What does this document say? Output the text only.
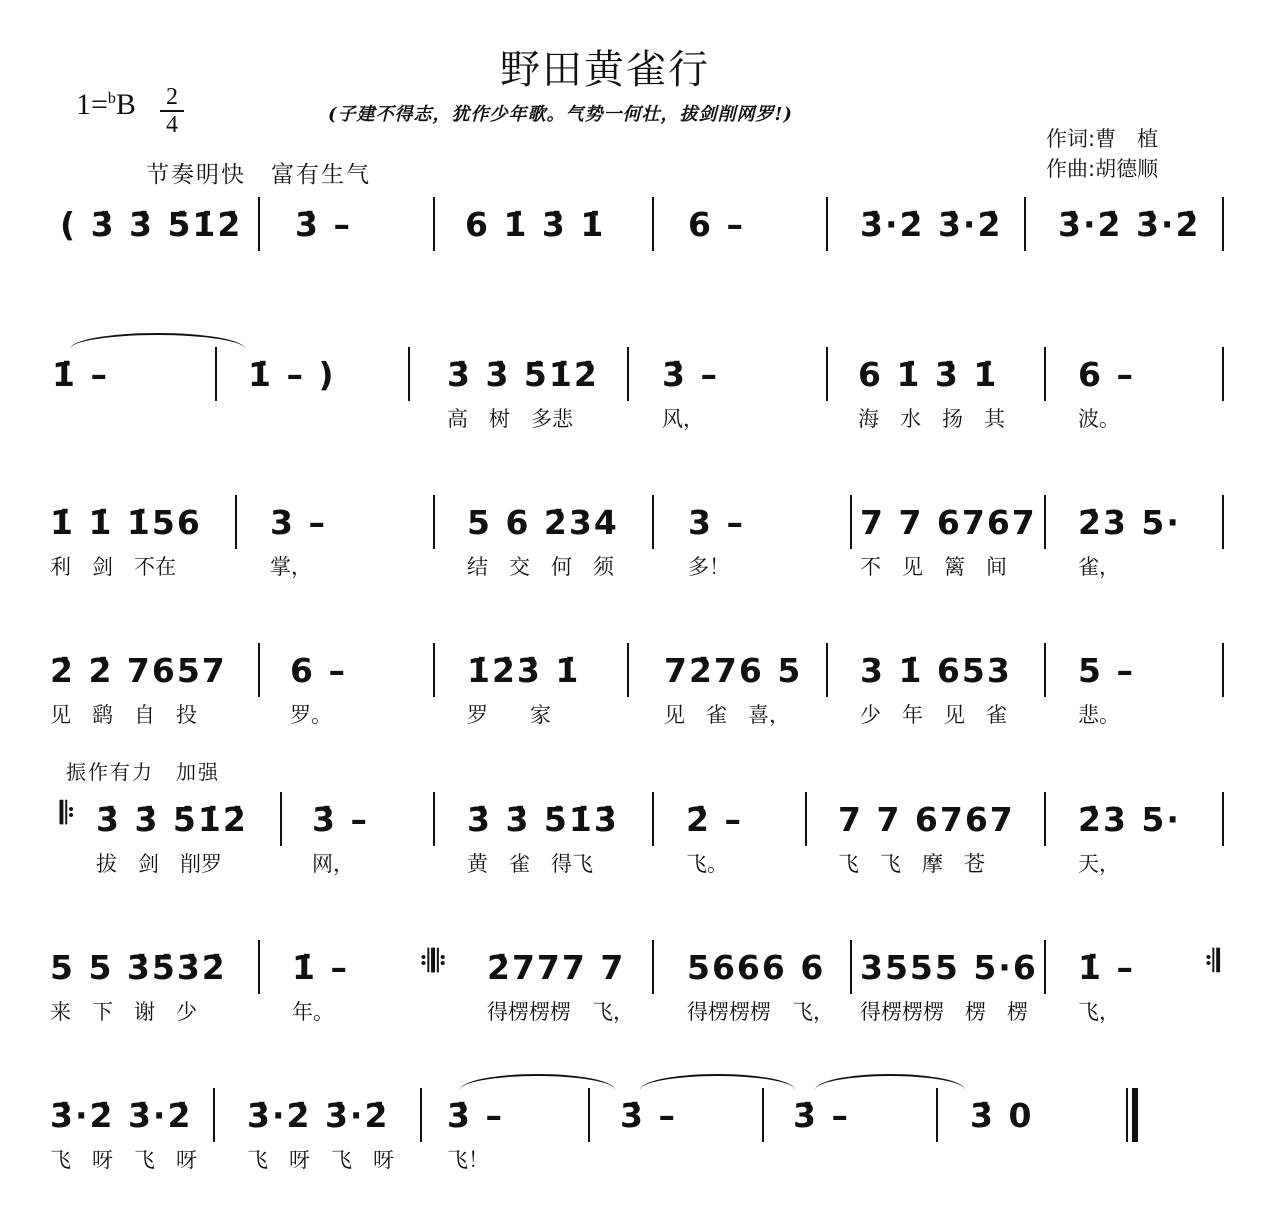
野田黄雀行
1=$^b$B 2
4	(子建不得志，犹作少年歌。气势一何壮，拔剑削网罗!)
作词:曹　植
作曲:胡德顺
节奏明快　富有生气
振作有力　加强
( 3̇ 3̇ 5̇1̇2̇ 3̇ –	6 1̇ 3̇ 1̇	6 –	3̇·2̇ 3̇·2̇ 3̇·2̇ 3̇·2̇
1̇ –	1̇ – )	3̇ 3̇ 5̇1̇2̇
高　树　多悲
3̇ –
风，
6 1̇ 3̇ 1̇
海　水　扬　其
6 –
波。
1̇ 1̇ 1̇56
利　剑　不在
3 –
掌，
5 6 2̇34
结　交　何　须
3 –
多！
7 7 6767
不　见　篱　间
2̇3 5·
雀，
2̇ 2̇ 7657
见　鹞　自　投
6 –
罗。
1̇2̇3̇ 1̇
罗　　家
72̇76 5
见　雀　喜，
3 1̇ 653
少　年　见　雀
5 –
悲。
3̇ 3̇ 5̇1̇2̇
拔　剑　削罗
3̇ –
网，
3̇ 3̇ 5̇1̇3̇
黄　雀　得飞
2̇ –
飞。
7 7 6767
飞　飞　摩　苍
2̇3 5·
天，
5 5 3̇5̇3̇2̇
来　下　谢　少
1̇ –
年。
2̇777 7
得楞楞楞　飞，
5666 6
得楞楞楞　飞，
3555 5·6
得楞楞楞　楞　楞
1̇ –
飞，
3̇·2̇ 3̇·2̇
飞　呀　飞　呀
3̇·2̇ 3̇·2̇
飞　呀　飞　呀
3̇ –
飞！
3̇ –	3̇ –	3̇ 0
𝄆
𝄇𝄆	𝄇
